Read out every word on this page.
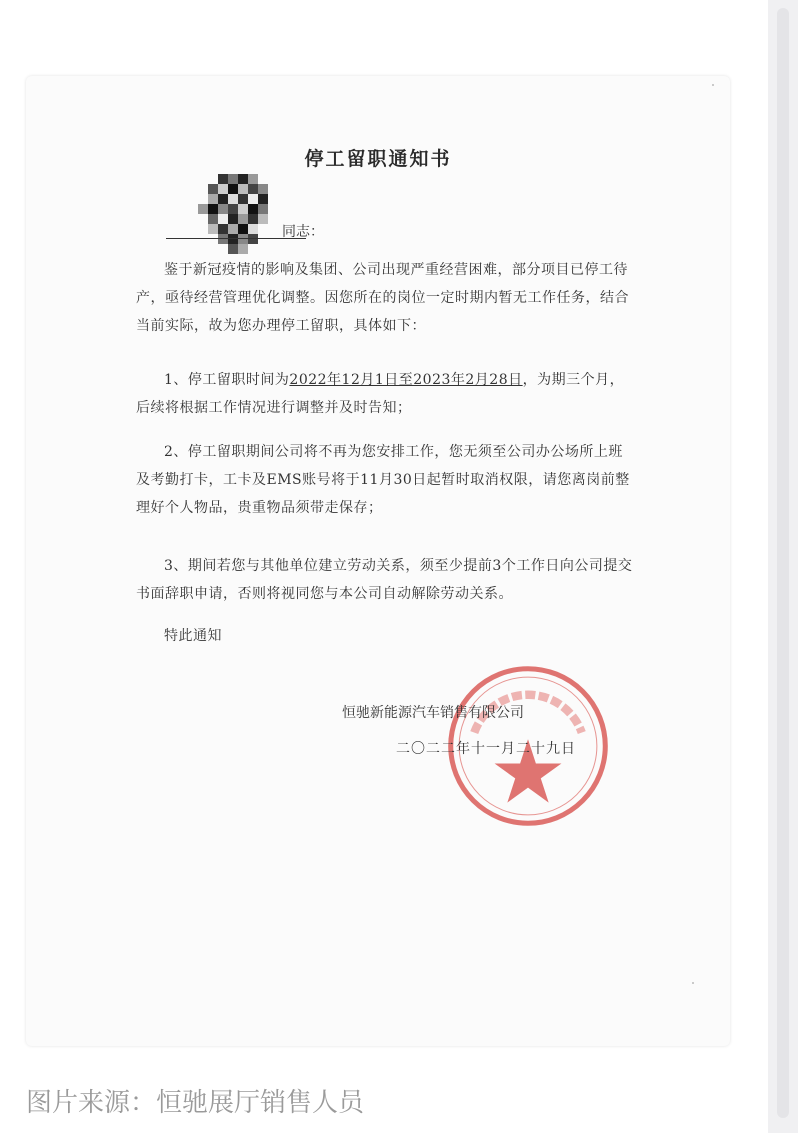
停工留职通知书
同志：

鉴于新冠疫情的影响及集团、公司出现严重经营困难，部分项目已停工待产，亟待经营管理优化调整。因您所在的岗位一定时期内暂无工作任务，结合当前实际，故为您办理停工留职，具体如下：

1、停工留职时间为2022年12月1日至2023年2月28日，为期三个月，后续将根据工作情况进行调整并及时告知；

2、停工留职期间公司将不再为您安排工作，您无须至公司办公场所上班及考勤打卡，工卡及EMS账号将于11月30日起暂时取消权限，请您离岗前整理好个人物品，贵重物品须带走保存；

3、期间若您与其他单位建立劳动关系，须至少提前3个工作日向公司提交书面辞职申请，否则将视同您与本公司自动解除劳动关系。

特此通知

恒驰新能源汽车销售有限公司
二〇二二年十一月二十九日
图片来源：恒驰展厅销售人员
